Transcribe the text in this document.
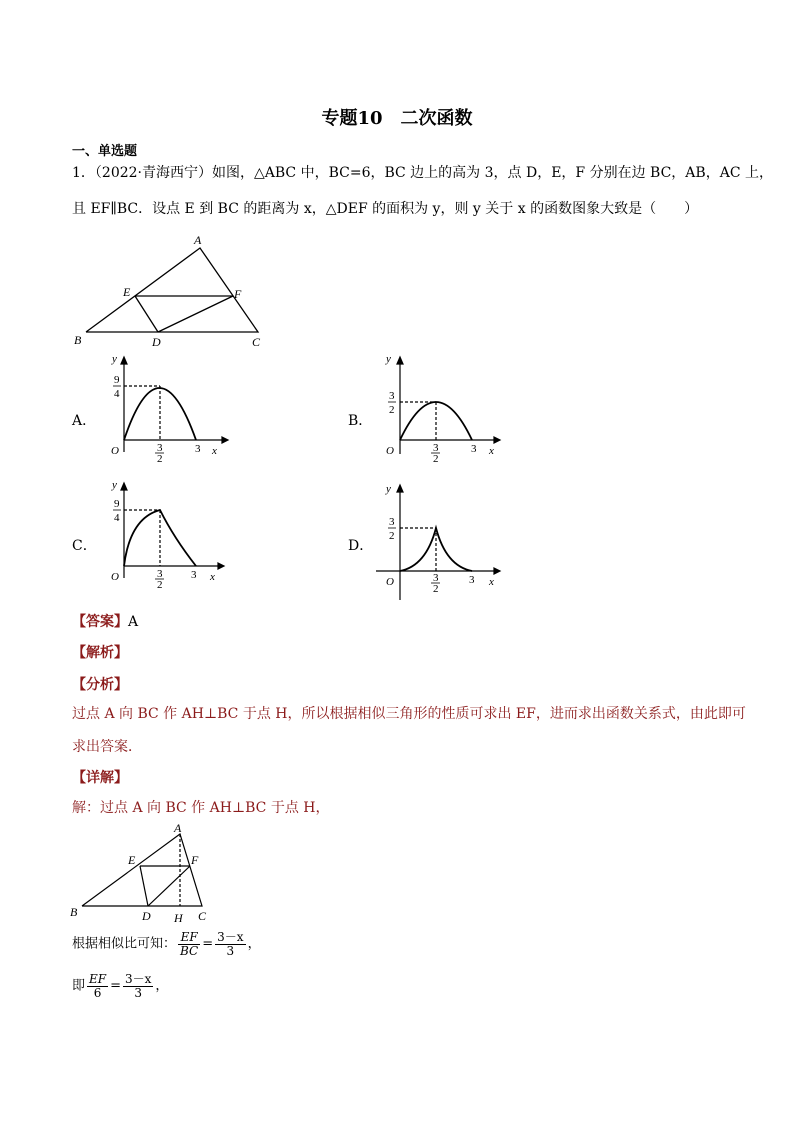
专题10　二次函数
一、单选题
1．（2022·青海西宁）如图，△ABC 中，BC=6，BC 边上的高为 3，点 D，E，F 分别在边 BC，AB，AC 上，
且 EF∥BC．设点 E 到 BC 的距离为 x，△DEF 的面积为 y，则 y 关于 x 的函数图象大致是（　　）
A
B	C
D
E	F
A．
y
O	x
3
9
4
3
2
B．
y
O	x
3
3
2
3
2
C．
y
O	x
3
9
4
3
2
D．
y
O	x
3
3
2
3
2
【答案】A
【解析】
【分析】
过点 A 向 BC 作 AH⊥BC 于点 H，所以根据相似三角形的性质可求出 EF，进而求出函数关系式，由此即可
求出答案．
【详解】
解：过点 A 向 BC 作 AH⊥BC 于点 H，
A
B	C
D
E	F
H
根据相似比可知： $\frac{EF}{BC} = \frac{3-x}{3}$ ，
即 $\frac{EF}{6} = \frac{3-x}{3}$ ，
